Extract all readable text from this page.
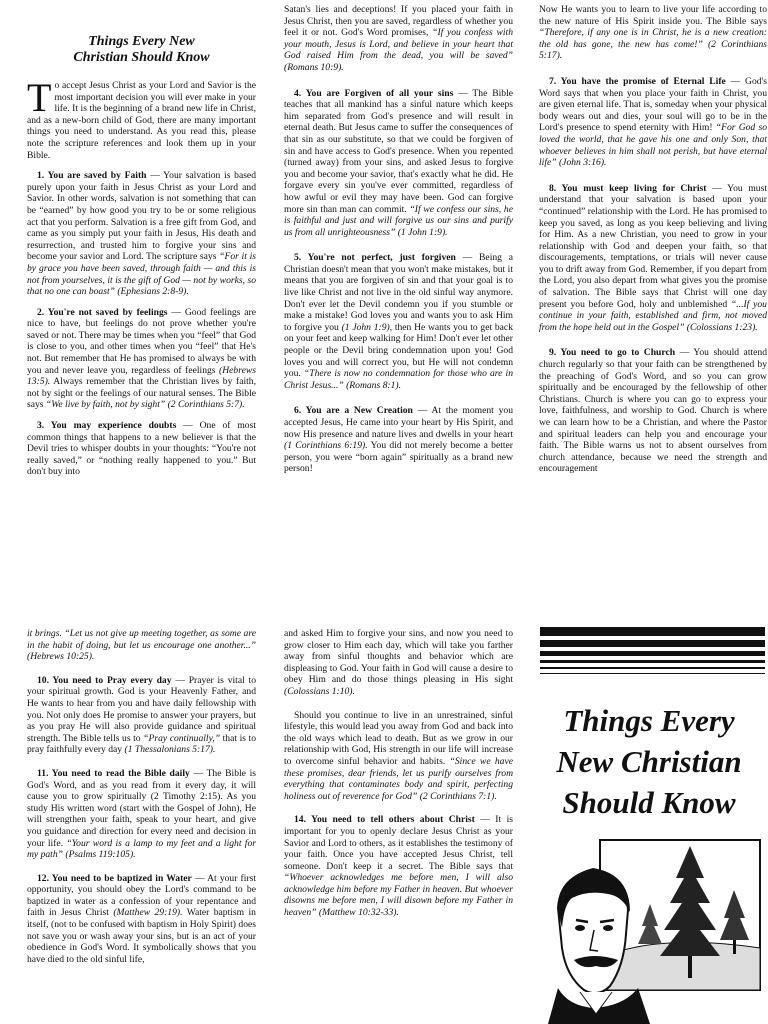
Things Every New
Christian Should Know

To accept Jesus Christ as your Lord and Savior is the most important decision you will ever make in your life. It is the beginning of a brand new life in Christ, and as a new-born child of God, there are many important things you need to understand. As you read this, please note the scripture references and look them up in your Bible.

1. You are saved by Faith — Your salvation is based purely upon your faith in Jesus Christ as your Lord and Savior. In other words, salvation is not something that can be “earned” by how good you try to be or some religious act that you perform. Salvation is a free gift from God, and came as you simply put your faith in Jesus, His death and resurrection, and trusted him to forgive your sins and become your savior and Lord. The scripture says “For it is by grace you have been saved, through faith — and this is not from yourselves, it is the gift of God — not by works, so that no one can boast” (Ephesians 2:8-9).

2. You're not saved by feelings — Good feelings are nice to have, but feelings do not prove whether you're saved or not. There may be times when you “feel” that God is close to you, and other times when you “feel” that He's not. But remember that He has promised to always be with you and never leave you, regardless of feelings (Hebrews 13:5). Always remember that the Christian lives by faith, not by sight or the feelings of our natural senses. The Bible says “We live by faith, not by sight” (2 Corinthians 5:7).

3. You may experience doubts — One of most common things that happens to a new believer is that the Devil tries to whisper doubts in your thoughts: “You're not really saved,” or “nothing really happened to you.” But don't buy into

Satan's lies and deceptions! If you placed your faith in Jesus Christ, then you are saved, regardless of whether you feel it or not. God's Word promises, “If you confess with your mouth, Jesus is Lord, and believe in your heart that God raised Him from the dead, you will be saved” (Romans 10:9).

4. You are Forgiven of all your sins — The Bible teaches that all mankind has a sinful nature which keeps him separated from God's presence and will result in eternal death. But Jesus came to suffer the consequences of that sin as our substitute, so that we could be forgiven of sin and have access to God's presence. When you repented (turned away) from your sins, and asked Jesus to forgive you and become your savior, that's exactly what he did. He forgave every sin you've ever committed, regardless of how awful or evil they may have been. God can forgive more sin than man can commit. “If we confess our sins, he is faithful and just and will forgive us our sins and purify us from all unrighteousness” (1 John 1:9).

5. You're not perfect, just forgiven — Being a Christian doesn't mean that you won't make mistakes, but it means that you are forgiven of sin and that your goal is to live like Christ and not live in the old sinful way anymore. Don't ever let the Devil condemn you if you stumble or make a mistake! God loves you and wants you to ask Him to forgive you (1 John 1:9), then He wants you to get back on your feet and keep walking for Him! Don't ever let other people or the Devil bring condemnation upon you! God loves you and will correct you, but He will not condemn you. “There is now no condemnation for those who are in Christ Jesus...” (Romans 8:1).

6. You are a New Creation — At the moment you accepted Jesus, He came into your heart by His Spirit, and now His presence and nature lives and dwells in your heart (1 Corinthians 6:19). You did not merely become a better person, you were “born again” spiritually as a brand new person!

Now He wants you to learn to live your life according to the new nature of His Spirit inside you. The Bible says “Therefore, if any one is in Christ, he is a new creation: the old has gone, the new has come!” (2 Corinthians 5:17).

7. You have the promise of Eternal Life — God's Word says that when you place your faith in Christ, you are given eternal life. That is, someday when your physical body wears out and dies, your soul will go to be in the Lord's presence to spend eternity with Him! “For God so loved the world, that he gave his one and only Son, that whoever believes in him shall not perish, but have eternal life” (John 3:16).

8. You must keep living for Christ — You must understand that your salvation is based upon your “continued” relationship with the Lord. He has promised to keep you saved, as long as you keep believing and living for Him. As a new Christian, you need to grow in your relationship with God and deepen your faith, so that discouragements, temptations, or trials will never cause you to drift away from God. Remember, if you depart from the Lord, you also depart from what gives you the promise of salvation. The Bible says that Christ will one day present you before God, holy and unblemished “...If you continue in your faith, established and firm, not moved from the hope held out in the Gospel” (Colossians 1:23).

9. You need to go to Church — You should attend church regularly so that your faith can be strengthened by the preaching of God's Word, and so you can grow spiritually and be encouraged by the fellowship of other Christians. Church is where you can go to express your love, faithfulness, and worship to God. Church is where we can learn how to be a Christian, and where the Pastor and spiritual leaders can help you and encourage your faith. The Bible warns us not to absent ourselves from church attendance, because we need the strength and encouragement

it brings. “Let us not give up meeting together, as some are in the habit of doing, but let us encourage one another...” (Hebrews 10:25).

10. You need to Pray every day — Prayer is vital to your spiritual growth. God is your Heavenly Father, and He wants to hear from you and have daily fellowship with you. Not only does He promise to answer your prayers, but as you pray He will also provide guidance and spiritual strength. The Bible tells us to “Pray continually,” that is to pray faithfully every day (1 Thessalonians 5:17).

11. You need to read the Bible daily — The Bible is God's Word, and as you read from it every day, it will cause you to grow spiritually (2 Timothy 2:15). As you study His written word (start with the Gospel of John), He will strengthen your faith, speak to your heart, and give you guidance and direction for every need and decision in your life. “Your word is a lamp to my feet and a light for my path” (Psalms 119:105).

12. You need to be baptized in Water — At your first opportunity, you should obey the Lord's command to be baptized in water as a confession of your repentance and faith in Jesus Christ (Matthew 29:19). Water baptism in itself, (not to be confused with baptism in Holy Spirit) does not save you or wash away your sins, but is an act of your obedience in God's Word. It symbolically shows that you have died to the old sinful life,

and asked Him to forgive your sins, and now you need to grow closer to Him each day, which will take you farther away from sinful thoughts and behavior which are displeasing to God. Your faith in God will cause a desire to obey Him and do those things pleasing in His sight (Colossians 1:10).

Should you continue to live in an unrestrained, sinful lifestyle, this would lead you away from God and back into the old ways which lead to death. But as we grow in our relationship with God, His strength in our life will increase to overcome sinful behavior and habits. “Since we have these promises, dear friends, let us purify ourselves from everything that contaminates body and spirit, perfecting holiness out of reverence for God” (2 Corinthians 7:1).

14. You need to tell others about Christ — It is important for you to openly declare Jesus Christ as your Savior and Lord to others, as it establishes the testimony of your faith. Once you have accepted Jesus Christ, tell someone. Don't keep it a secret. The Bible says that “Whoever acknowledges me before men, I will also acknowledge him before my Father in heaven. But whoever disowns me before men, I will disown before my Father in heaven” (Matthew 10:32-33).

Things Every
New Christian
Should Know
